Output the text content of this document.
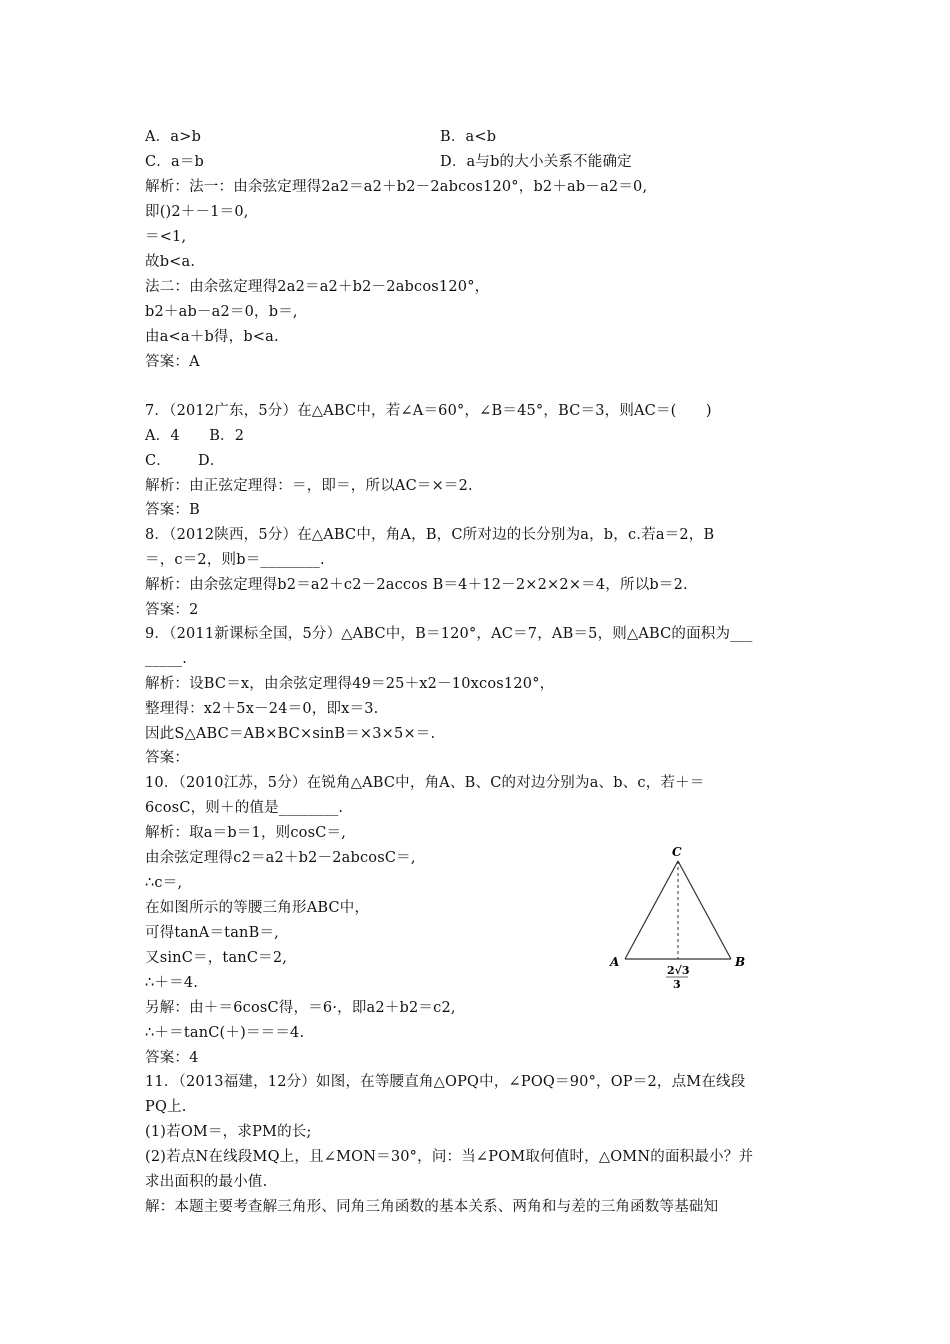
A．a>b	B．a<b
C．a＝b	D．a与b的大小关系不能确定
解析：法一：由余弦定理得2a2＝a2＋b2－2abcos120°，b2＋ab－a2＝0,
即()2＋－1＝0,
＝<1,
故b<a.
法二：由余弦定理得2a2＝a2＋b2－2abcos120°，
b2＋ab－a2＝0，b＝,
由a<a＋b得，b<a.
答案：A
7．（2012广东，5分）在△ABC中，若∠A＝60°，∠B＝45°，BC＝3，则AC＝(　　)
A．4　　B．2
C．　　 D．
解析：由正弦定理得：＝，即＝，所以AC＝×＝2.
答案：B
8．（2012陕西，5分）在△ABC中，角A，B，C所对边的长分别为a，b，c.若a＝2，B
＝，c＝2，则b＝________.
解析：由余弦定理得b2＝a2＋c2－2accos B＝4＋12－2×2×2×＝4，所以b＝2.
答案：2
9．（2011新课标全国，5分）△ABC中，B＝120°，AC＝7，AB＝5，则△ABC的面积为___
_____.
解析：设BC＝x，由余弦定理得49＝25＋x2－10xcos120°，
整理得：x2＋5x－24＝0，即x＝3.
因此S△ABC＝AB×BC×sinB＝×3×5×＝.
答案：
10．（2010江苏，5分）在锐角△ABC中，角A、B、C的对边分别为a、b、c，若＋＝
6cosC，则＋的值是________.
解析：取a＝b＝1，则cosC＝,
由余弦定理得c2＝a2＋b2－2abcosC＝,
∴c＝,
在如图所示的等腰三角形ABC中，
可得tanA＝tanB＝,
又sinC＝，tanC＝2,
∴＋＝4.
另解：由＋＝6cosC得，＝6·，即a2＋b2＝c2,
∴＋＝tanC(＋)＝＝＝4.
答案：4
11．（2013福建，12分）如图，在等腰直角△OPQ中，∠POQ＝90°，OP＝2，点M在线段
PQ上.
(1)若OM＝，求PM的长;
(2)若点N在线段MQ上，且∠MON＝30°，问：当∠POM取何值时，△OMN的面积最小？并
求出面积的最小值.
解：本题主要考查解三角形、同角三角函数的基本关系、两角和与差的三角函数等基础知
C
A	B
2√3
3
